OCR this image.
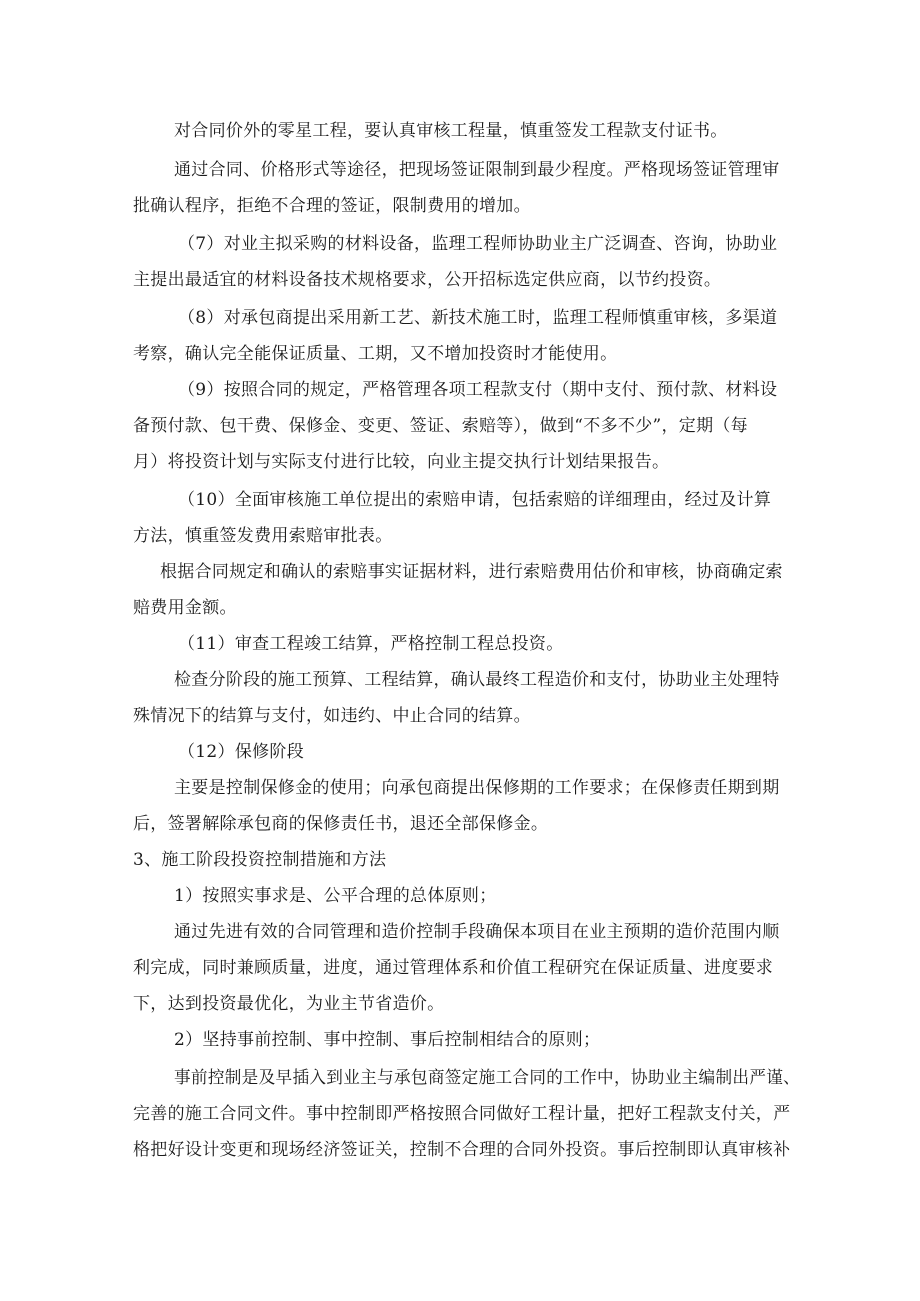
对合同价外的零星工程，要认真审核工程量，慎重签发工程款支付证书。
通过合同、价格形式等途径，把现场签证限制到最少程度。严格现场签证管理审
批确认程序，拒绝不合理的签证，限制费用的增加。
（7）对业主拟采购的材料设备，监理工程师协助业主广泛调查、咨询，协助业
主提出最适宜的材料设备技术规格要求，公开招标选定供应商，以节约投资。
（8）对承包商提出采用新工艺、新技术施工时，监理工程师慎重审核，多渠道
考察，确认完全能保证质量、工期，又不增加投资时才能使用。
（9）按照合同的规定，严格管理各项工程款支付（期中支付、预付款、材料设
备预付款、包干费、保修金、变更、签证、索赔等），做到“不多不少”，定期（每
月）将投资计划与实际支付进行比较，向业主提交执行计划结果报告。
（10）全面审核施工单位提出的索赔申请，包括索赔的详细理由，经过及计算
方法，慎重签发费用索赔审批表。
根据合同规定和确认的索赔事实证据材料，进行索赔费用估价和审核，协商确定索
赔费用金额。
（11）审查工程竣工结算，严格控制工程总投资。
检查分阶段的施工预算、工程结算，确认最终工程造价和支付，协助业主处理特
殊情况下的结算与支付，如违约、中止合同的结算。
（12）保修阶段
主要是控制保修金的使用；向承包商提出保修期的工作要求；在保修责任期到期
后，签署解除承包商的保修责任书，退还全部保修金。
3、施工阶段投资控制措施和方法
1）按照实事求是、公平合理的总体原则；
通过先进有效的合同管理和造价控制手段确保本项目在业主预期的造价范围内顺
利完成，同时兼顾质量，进度，通过管理体系和价值工程研究在保证质量、进度要求
下，达到投资最优化，为业主节省造价。
2）坚持事前控制、事中控制、事后控制相结合的原则；
事前控制是及早插入到业主与承包商签定施工合同的工作中，协助业主编制出严谨、
完善的施工合同文件。事中控制即严格按照合同做好工程计量，把好工程款支付关，严
格把好设计变更和现场经济签证关，控制不合理的合同外投资。事后控制即认真审核补
